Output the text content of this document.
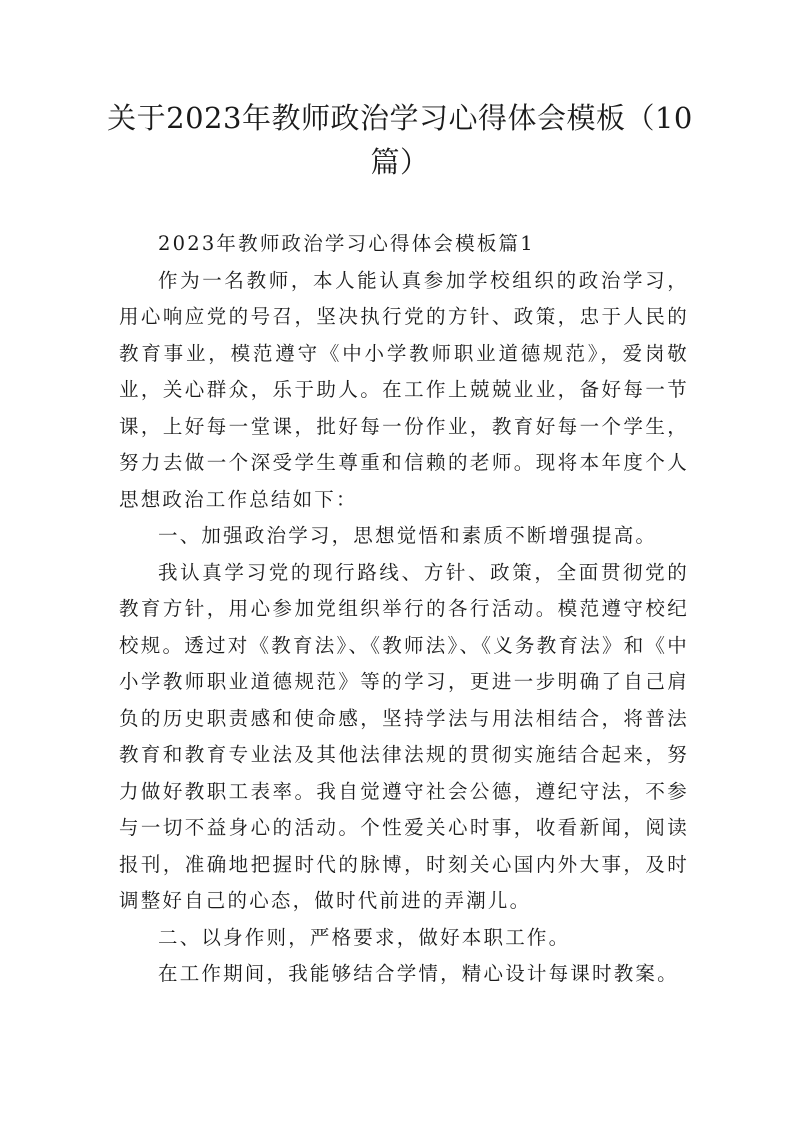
关于2023年教师政治学习心得体会模板（10篇）

2023年教师政治学习心得体会模板篇1

作为一名教师，本人能认真参加学校组织的政治学习，用心响应党的号召，坚决执行党的方针、政策，忠于人民的教育事业，模范遵守《中小学教师职业道德规范》，爱岗敬业，关心群众，乐于助人。在工作上兢兢业业，备好每一节课，上好每一堂课，批好每一份作业，教育好每一个学生，努力去做一个深受学生尊重和信赖的老师。现将本年度个人思想政治工作总结如下：

一、加强政治学习，思想觉悟和素质不断增强提高。

我认真学习党的现行路线、方针、政策，全面贯彻党的教育方针，用心参加党组织举行的各行活动。模范遵守校纪校规。透过对《教育法》、《教师法》、《义务教育法》和《中小学教师职业道德规范》等的学习，更进一步明确了自己肩负的历史职责感和使命感，坚持学法与用法相结合，将普法教育和教育专业法及其他法律法规的贯彻实施结合起来，努力做好教职工表率。我自觉遵守社会公德，遵纪守法，不参与一切不益身心的活动。个性爱关心时事，收看新闻，阅读报刊，准确地把握时代的脉博，时刻关心国内外大事，及时调整好自己的心态，做时代前进的弄潮儿。

二、以身作则，严格要求，做好本职工作。

在工作期间，我能够结合学情，精心设计每课时教案。
